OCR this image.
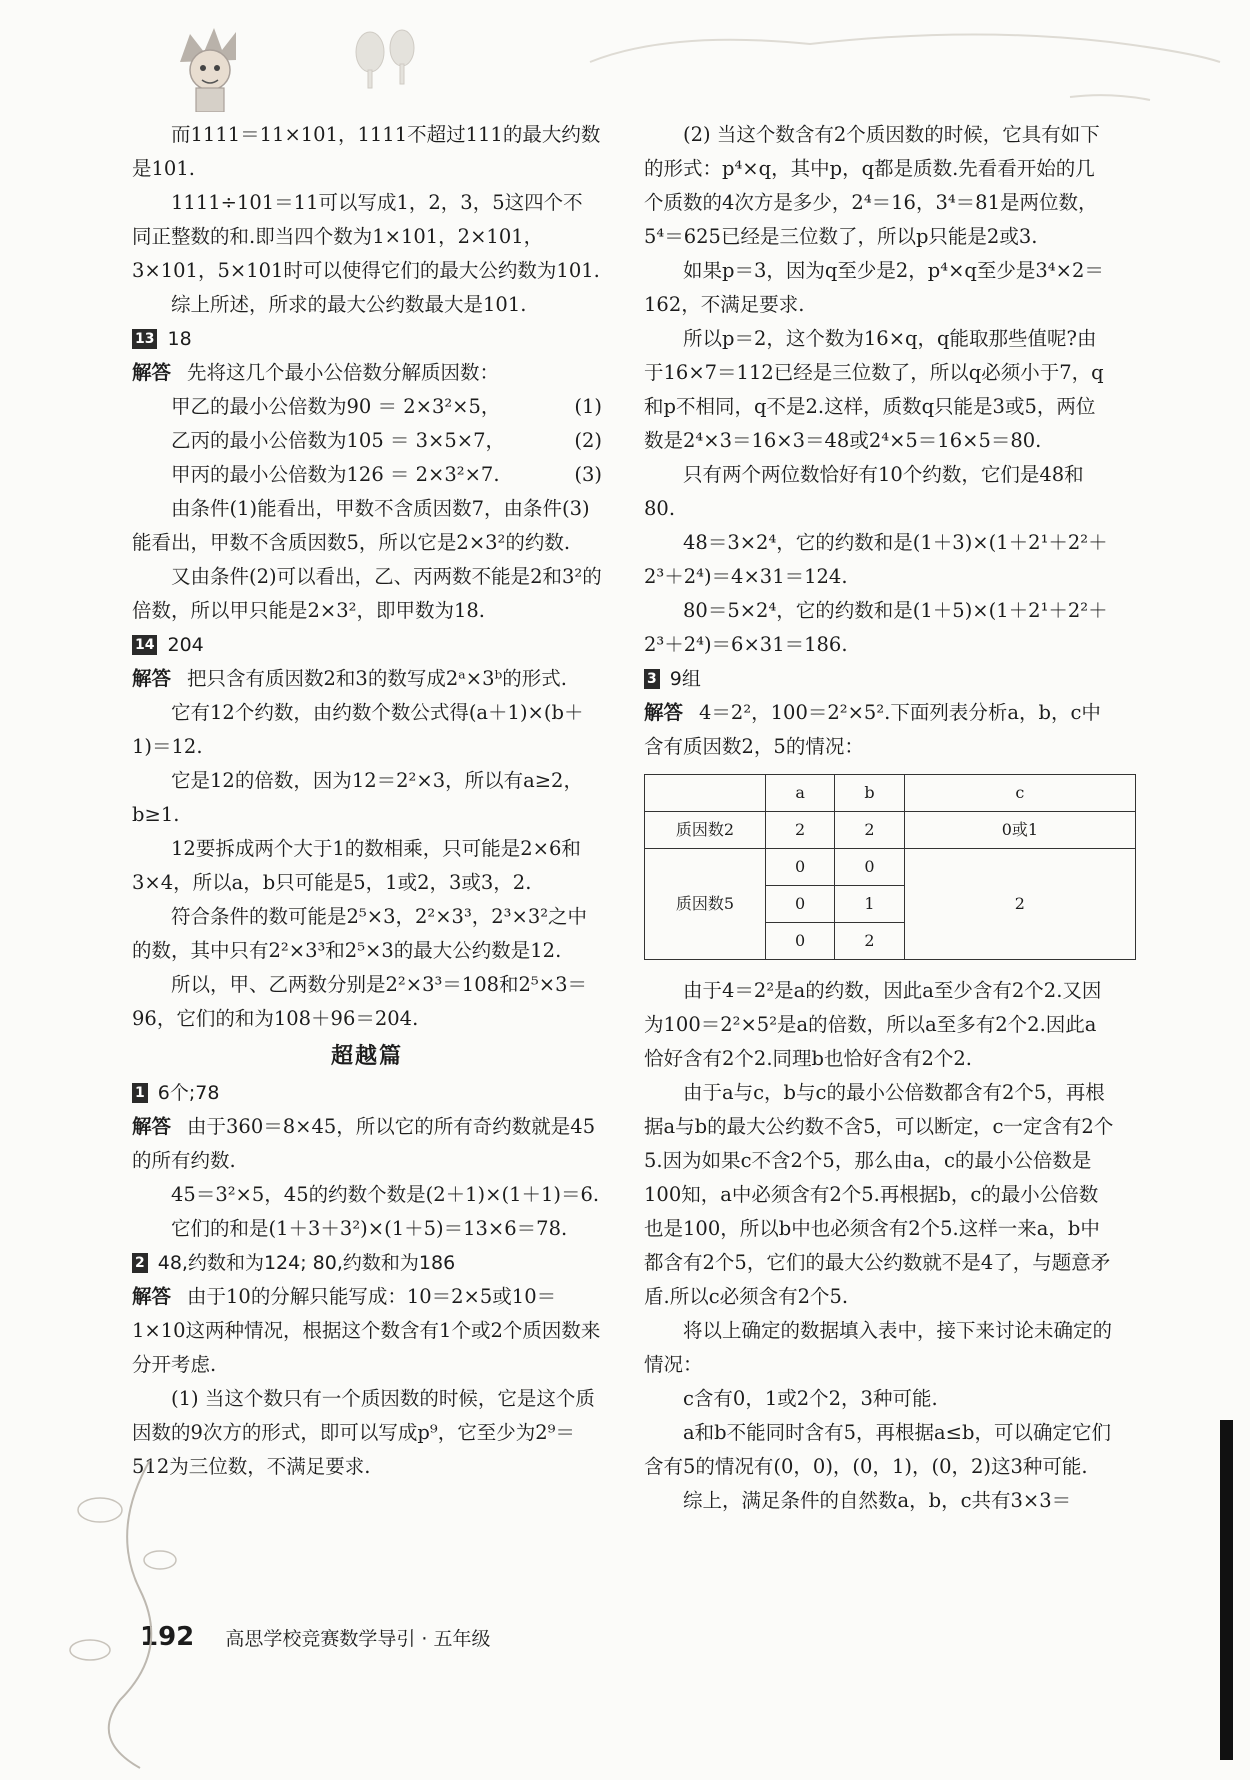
而1111＝11×101，1111不超过111的最大约数是101.

1111÷101＝11可以写成1，2，3，5这四个不同正整数的和.即当四个数为1×101，2×101，3×101，5×101时可以使得它们的最大公约数为101.

综上所述，所求的最大公约数最大是101.

13 18

解答 先将这几个最小公倍数分解质因数：

甲乙的最小公倍数为90 ＝ 2×3²×5，	(1)

乙丙的最小公倍数为105 ＝ 3×5×7，	(2)

甲丙的最小公倍数为126 ＝ 2×3²×7.	(3)

由条件(1)能看出，甲数不含质因数7，由条件(3)能看出，甲数不含质因数5，所以它是2×3²的约数.

又由条件(2)可以看出，乙、丙两数不能是2和3²的倍数，所以甲只能是2×3²，即甲数为18.

14 204

解答 把只含有质因数2和3的数写成2ᵃ×3ᵇ的形式.

它有12个约数，由约数个数公式得(a＋1)×(b＋1)＝12.

它是12的倍数，因为12＝2²×3，所以有a≥2，b≥1.

12要拆成两个大于1的数相乘，只可能是2×6和3×4，所以a，b只可能是5，1或2，3或3，2.

符合条件的数可能是2⁵×3，2²×3³，2³×3²之中的数，其中只有2²×3³和2⁵×3的最大公约数是12.

所以，甲、乙两数分别是2²×3³＝108和2⁵×3＝96，它们的和为108＋96＝204.

超越篇

1 6个;78

解答 由于360＝8×45，所以它的所有奇约数就是45的所有约数.

45＝3²×5，45的约数个数是(2＋1)×(1＋1)＝6.

它们的和是(1＋3＋3²)×(1＋5)＝13×6＝78.

2 48,约数和为124; 80,约数和为186

解答 由于10的分解只能写成：10＝2×5或10＝1×10这两种情况，根据这个数含有1个或2个质因数来分开考虑.

(1) 当这个数只有一个质因数的时候，它是这个质因数的9次方的形式，即可以写成p⁹，它至少为2⁹＝512为三位数，不满足要求.

(2) 当这个数含有2个质因数的时候，它具有如下的形式：p⁴×q，其中p，q都是质数.先看看开始的几个质数的4次方是多少，2⁴＝16，3⁴＝81是两位数，5⁴＝625已经是三位数了，所以p只能是2或3.

如果p＝3，因为q至少是2，p⁴×q至少是3⁴×2＝162，不满足要求.

所以p＝2，这个数为16×q，q能取那些值呢?由于16×7＝112已经是三位数了，所以q必须小于7，q和p不相同，q不是2.这样，质数q只能是3或5，两位数是2⁴×3＝16×3＝48或2⁴×5＝16×5＝80.

只有两个两位数恰好有10个约数，它们是48和80.

48＝3×2⁴，它的约数和是(1＋3)×(1＋2¹＋2²＋2³＋2⁴)＝4×31＝124.

80＝5×2⁴，它的约数和是(1＋5)×(1＋2¹＋2²＋2³＋2⁴)＝6×31＝186.

3 9组

解答 4＝2²，100＝2²×5².下面列表分析a，b，c中含有质因数2，5的情况：

	a	b	c
质因数2	2	2	0或1
质因数5	0	0	2
	0	1	
	0	2	

由于4＝2²是a的约数，因此a至少含有2个2.又因为100＝2²×5²是a的倍数，所以a至多有2个2.因此a恰好含有2个2.同理b也恰好含有2个2.

由于a与c，b与c的最小公倍数都含有2个5，再根据a与b的最大公约数不含5，可以断定，c一定含有2个5.因为如果c不含2个5，那么由a，c的最小公倍数是100知，a中必须含有2个5.再根据b，c的最小公倍数也是100，所以b中也必须含有2个5.这样一来a，b中都含有2个5，它们的最大公约数就不是4了，与题意矛盾.所以c必须含有2个5.

将以上确定的数据填入表中，接下来讨论未确定的情况：

c含有0，1或2个2，3种可能.

a和b不能同时含有5，再根据a≤b，可以确定它们含有5的情况有(0，0)，(0，1)，(0，2)这3种可能.

综上，满足条件的自然数a，b，c共有3×3＝

192 高思学校竞赛数学导引 · 五年级
